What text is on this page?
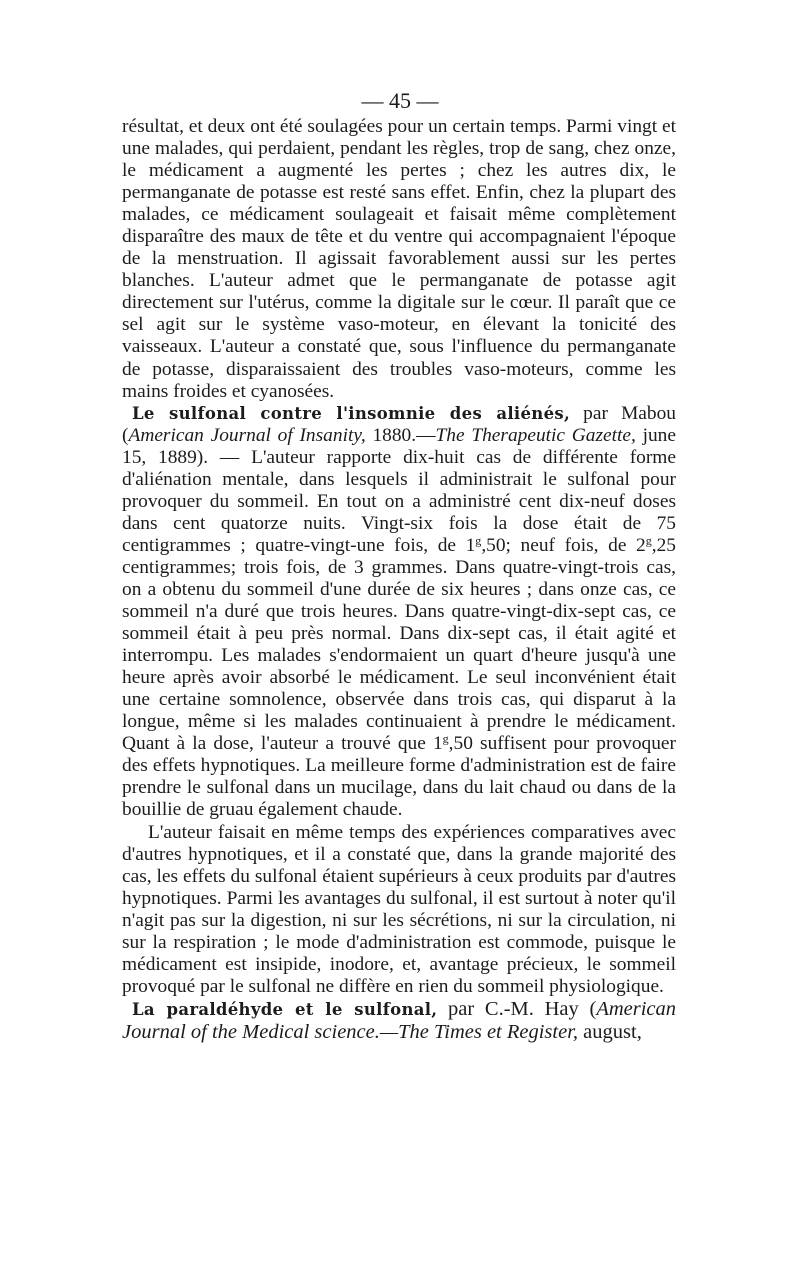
— 45 —

résultat, et deux ont été soulagées pour un certain temps. Parmi vingt et une malades, qui perdaient, pendant les règles, trop de sang, chez onze, le médicament a augmenté les pertes ; chez les autres dix, le permanganate de potasse est resté sans effet. Enfin, chez la plupart des malades, ce médicament soulageait et faisait même complètement disparaître des maux de tête et du ventre qui accompagnaient l'époque de la menstruation. Il agissait favorablement aussi sur les pertes blanches. L'auteur admet que le permanganate de potasse agit directement sur l'utérus, comme la digitale sur le cœur. Il paraît que ce sel agit sur le système vaso-moteur, en élevant la tonicité des vaisseaux. L'auteur a constaté que, sous l'influence du permanganate de potasse, disparaissaient des troubles vaso-moteurs, comme les mains froides et cyanosées.

Le sulfonal contre l'insomnie des aliénés, par Mabou (American Journal of Insanity, 1880.—The Therapeutic Gazette, june 15, 1889). — L'auteur rapporte dix-huit cas de différente forme d'aliénation mentale, dans lesquels il administrait le sulfonal pour provoquer du sommeil. En tout on a administré cent dix-neuf doses dans cent quatorze nuits. Vingt-six fois la dose était de 75 centigrammes ; quatre-vingt-une fois, de 1$^g$,50; neuf fois, de 2$^g$,25 centigrammes; trois fois, de 3 grammes. Dans quatre-vingt-trois cas, on a obtenu du sommeil d'une durée de six heures ; dans onze cas, ce sommeil n'a duré que trois heures. Dans quatre-vingt-dix-sept cas, ce sommeil était à peu près normal. Dans dix-sept cas, il était agité et interrompu. Les malades s'endormaient un quart d'heure jusqu'à une heure après avoir absorbé le médicament. Le seul inconvénient était une certaine somnolence, observée dans trois cas, qui disparut à la longue, même si les malades continuaient à prendre le médicament. Quant à la dose, l'auteur a trouvé que 1$^g$,50 suffisent pour provoquer des effets hypnotiques. La meilleure forme d'administration est de faire prendre le sulfonal dans un mucilage, dans du lait chaud ou dans de la bouillie de gruau également chaude.

L'auteur faisait en même temps des expériences comparatives avec d'autres hypnotiques, et il a constaté que, dans la grande majorité des cas, les effets du sulfonal étaient supérieurs à ceux produits par d'autres hypnotiques. Parmi les avantages du sulfonal, il est surtout à noter qu'il n'agit pas sur la digestion, ni sur les sécrétions, ni sur la circulation, ni sur la respiration ; le mode d'administration est commode, puisque le médicament est insipide, inodore, et, avantage précieux, le sommeil provoqué par le sulfonal ne diffère en rien du sommeil physiologique.

La paraldéhyde et le sulfonal, par C.-M. Hay (American Journal of the Medical science.—The Times et Register, august,
